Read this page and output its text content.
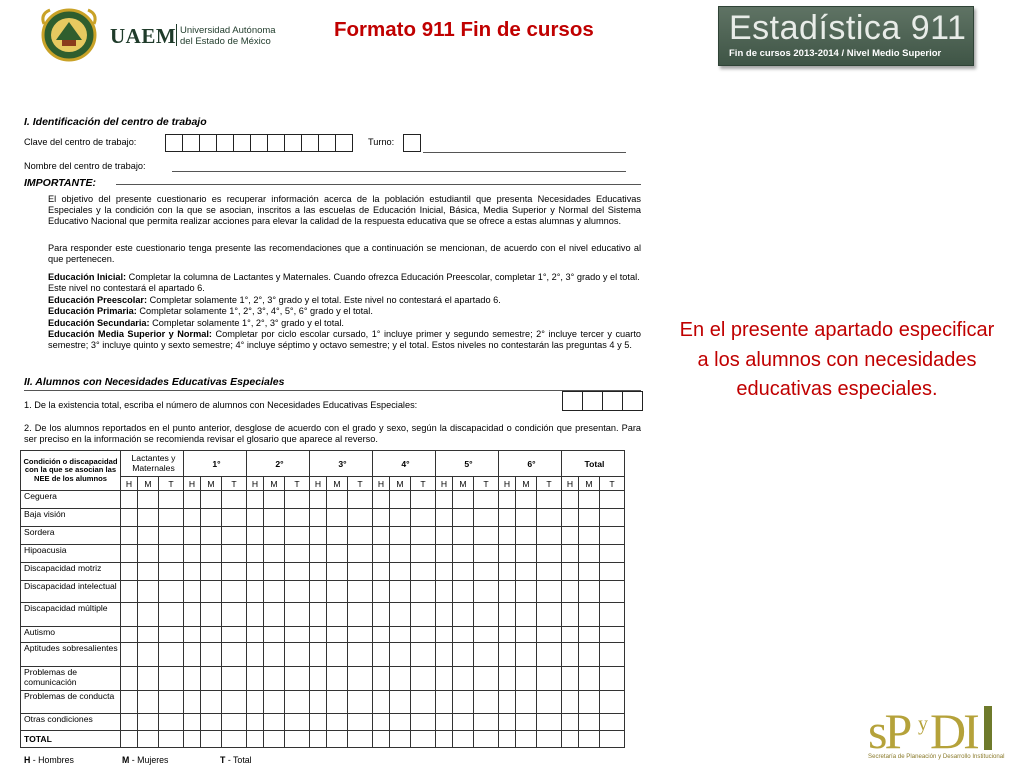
UAEM Universidad Autónoma
del Estado de México
Formato 911 Fin de cursos	Estadística 911
Fin de cursos 2013-2014 / Nivel Medio Superior
I. Identificación del centro de trabajo
Clave del centro de trabajo:	Turno:
Nombre del centro de trabajo:
IMPORTANTE:
El objetivo del presente cuestionario es recuperar información acerca de la población estudiantil que presenta Necesidades Educativas Especiales y la condición con la que se asocian, inscritos a las escuelas de Educación Inicial, Básica, Media Superior y Normal del Sistema Educativo Nacional que permita realizar acciones para elevar la calidad de la respuesta educativa que se ofrece a estas alumnas y alumnos.
Para responder este cuestionario tenga presente las recomendaciones que a continuación se mencionan, de acuerdo con el nivel educativo al que pertenecen.
Educación Inicial: Completar la columna de Lactantes y Maternales. Cuando ofrezca Educación Preescolar, completar 1°, 2°, 3° grado y el total. Este nivel no contestará el apartado 6.
Educación Preescolar: Completar solamente 1°, 2°, 3° grado y el total. Este nivel no contestará el apartado 6.
Educación Primaria: Completar solamente 1°, 2°, 3°, 4°, 5°, 6° grado y el total.
Educación Secundaria: Completar solamente 1°, 2°, 3° grado y el total.
Educación Media Superior y Normal: Completar por ciclo escolar cursado, 1° incluye primer y segundo semestre; 2° incluye tercer y cuarto semestre; 3° incluye quinto y sexto semestre; 4° incluye séptimo y octavo semestre; y el total. Estos niveles no contestarán las preguntas 4 y 5.
II. Alumnos con Necesidades Educativas Especiales
1. De la existencia total, escriba el número de alumnos con Necesidades Educativas Especiales:
2. De los alumnos reportados en el punto anterior, desglose de acuerdo con el grado y sexo, según la discapacidad o condición que presentan. Para ser preciso en la información se recomienda revisar el glosario que aparece al reverso.
Condición o discapacidad con la que se asocian las NEE de los alumnos	Lactantes y Maternales			1°			2°			3°			4°			5°			6°			Total		
	H	M	T	H	M	T	H	M	T	H	M	T	H	M	T	H	M	T	H	M	T	H	M	T
Ceguera																								
Baja visión																								
Sordera																								
Hipoacusia																								
Discapacidad motriz																								
Discapacidad intelectual																								
Discapacidad múltiple																								
Autismo																								
Aptitudes sobresalientes																								
Problemas de comunicación																								
Problemas de conducta																								
Otras condiciones																								
TOTAL																								
H - Hombres	M - Mujeres	T - Total
En el presente apartado especificar a los alumnos con necesidades educativas especiales.
sP y DI
Secretaría de Planeación y Desarrollo Institucional
